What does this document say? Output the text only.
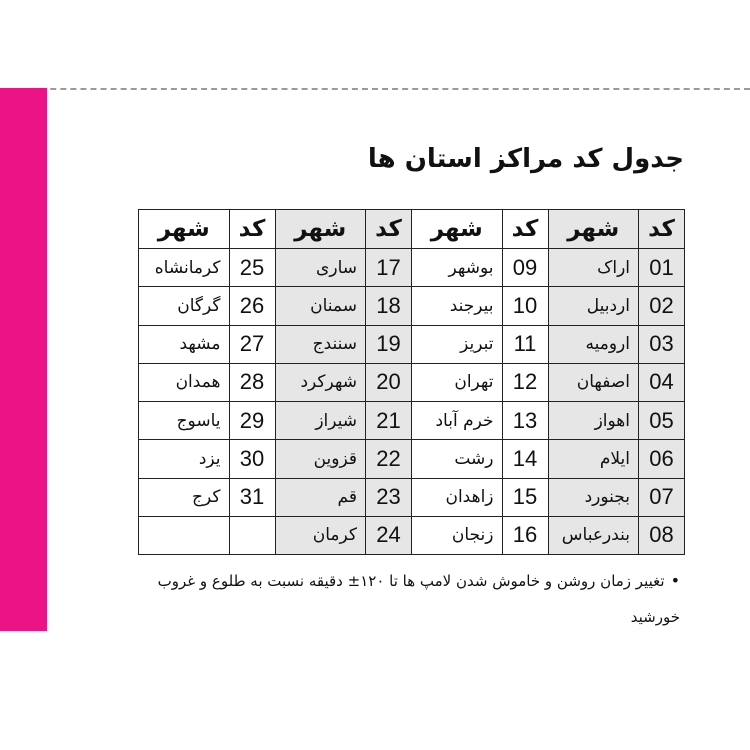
جدول کد مراکز استان ها
کد	شهر	کد	شهر	کد	شهر	کد	شهر
01	اراک	09	بوشهر	17	ساری	25	کرمانشاه
02	اردبیل	10	بیرجند	18	سمنان	26	گرگان
03	ارومیه	11	تبریز	19	سنندج	27	مشهد
04	اصفهان	12	تهران	20	شهرکرد	28	همدان
05	اهواز	13	خرم آباد	21	شیراز	29	یاسوج
06	ایلام	14	رشت	22	قزوین	30	یزد
07	بجنورد	15	زاهدان	23	قم	31	کرج
08	بندرعباس	16	زنجان	24	کرمان		
•تغییر زمان روشن و خاموش شدن لامپ ها تا ۱۲۰± دقیقه نسبت به طلوع و غروب خورشید
